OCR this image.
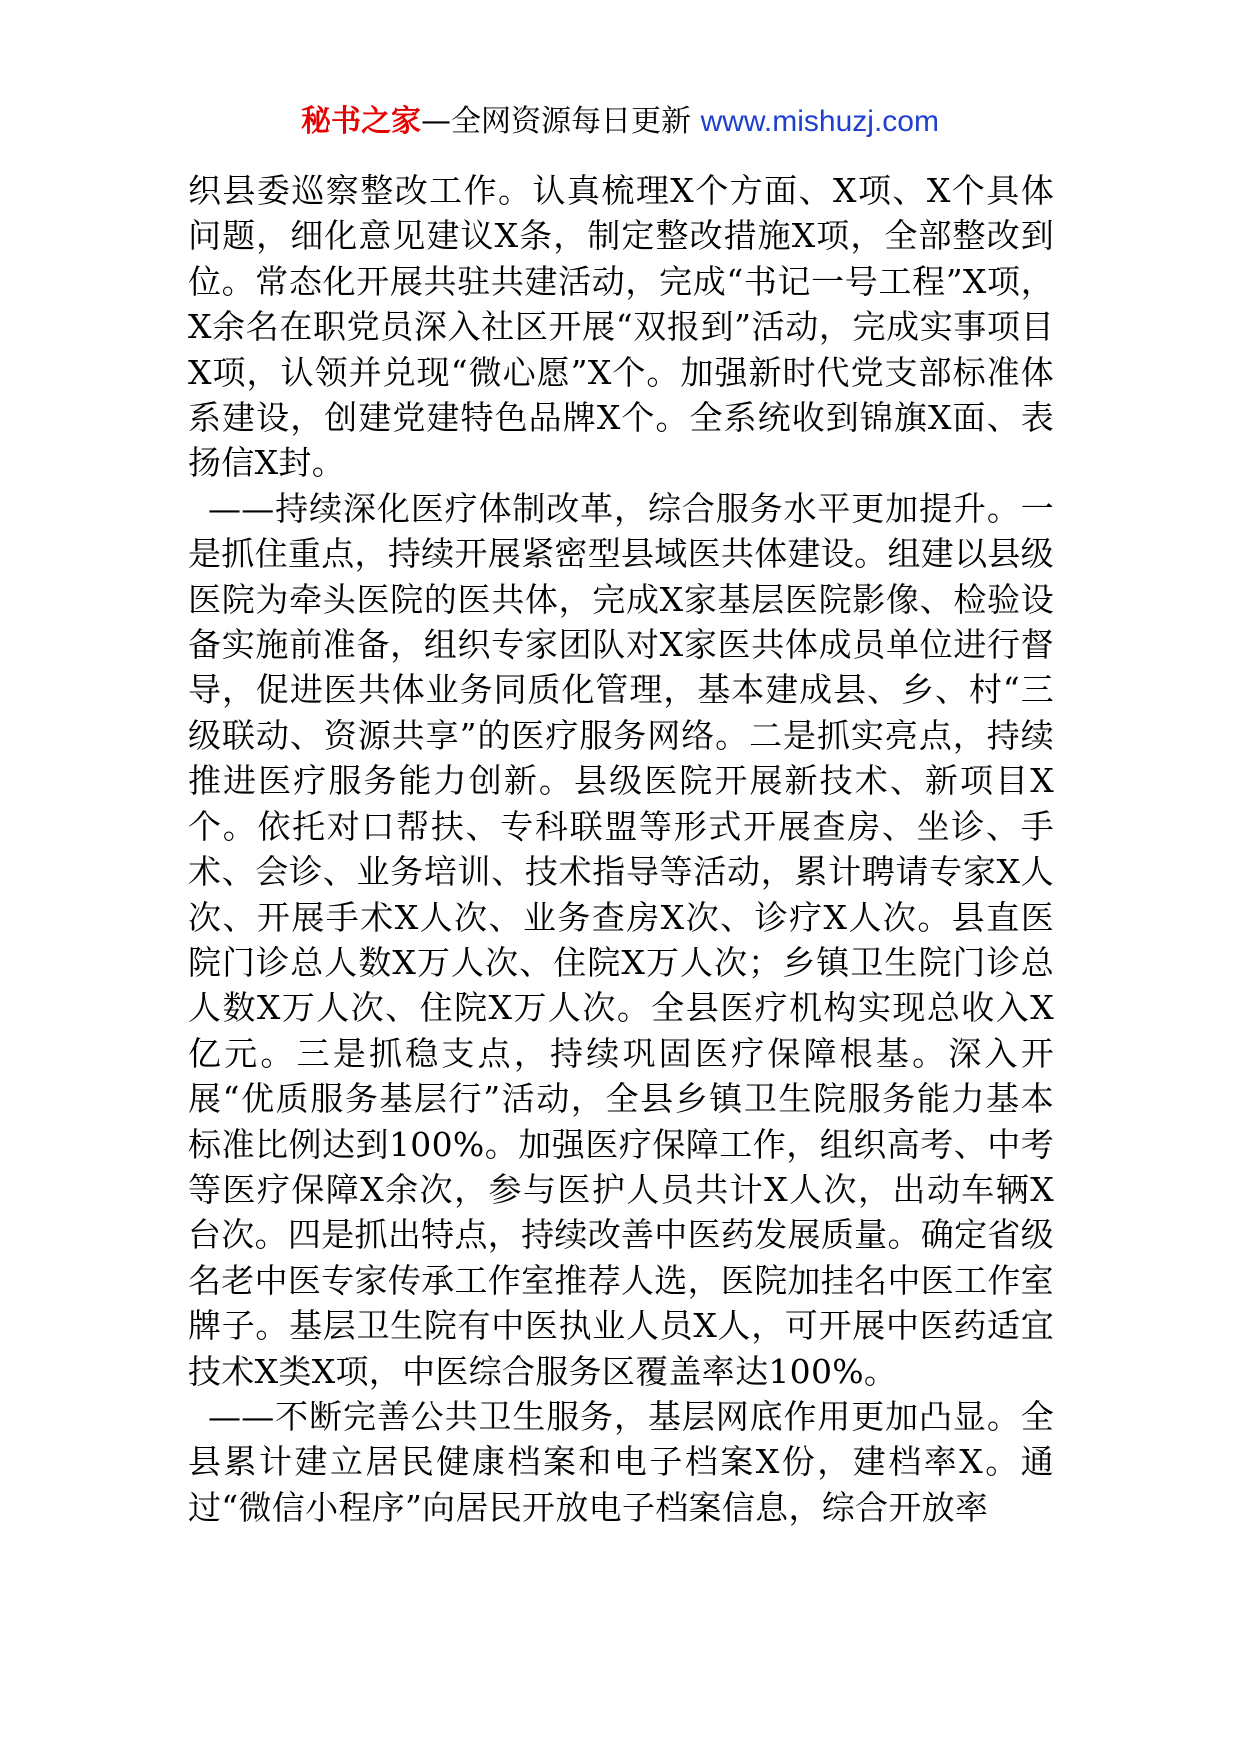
秘书之家—全网资源每日更新 www.mishuzj.com

织县委巡察整改工作。认真梳理X个方面、X项、X个具体问题，细化意见建议X条，制定整改措施X项，全部整改到位。常态化开展共驻共建活动，完成“书记一号工程”X项，X余名在职党员深入社区开展“双报到”活动，完成实事项目X项，认领并兑现“微心愿”X个。加强新时代党支部标准体系建设，创建党建特色品牌X个。全系统收到锦旗X面、表扬信X封。

——持续深化医疗体制改革，综合服务水平更加提升。一是抓住重点，持续开展紧密型县域医共体建设。组建以县级医院为牵头医院的医共体，完成X家基层医院影像、检验设备实施前准备，组织专家团队对X家医共体成员单位进行督导，促进医共体业务同质化管理，基本建成县、乡、村“三级联动、资源共享”的医疗服务网络。二是抓实亮点，持续推进医疗服务能力创新。县级医院开展新技术、新项目X个。依托对口帮扶、专科联盟等形式开展查房、坐诊、手术、会诊、业务培训、技术指导等活动，累计聘请专家X人次、开展手术X人次、业务查房X次、诊疗X人次。县直医院门诊总人数X万人次、住院X万人次；乡镇卫生院门诊总人数X万人次、住院X万人次。全县医疗机构实现总收入X亿元。三是抓稳支点，持续巩固医疗保障根基。深入开展“优质服务基层行”活动，全县乡镇卫生院服务能力基本标准比例达到100%。加强医疗保障工作，组织高考、中考等医疗保障X余次，参与医护人员共计X人次，出动车辆X台次。四是抓出特点，持续改善中医药发展质量。确定省级名老中医专家传承工作室推荐人选，医院加挂名中医工作室牌子。基层卫生院有中医执业人员X人，可开展中医药适宜技术X类X项，中医综合服务区覆盖率达100%。

——不断完善公共卫生服务，基层网底作用更加凸显。全县累计建立居民健康档案和电子档案X份，建档率X。通过“微信小程序”向居民开放电子档案信息，综合开放率
